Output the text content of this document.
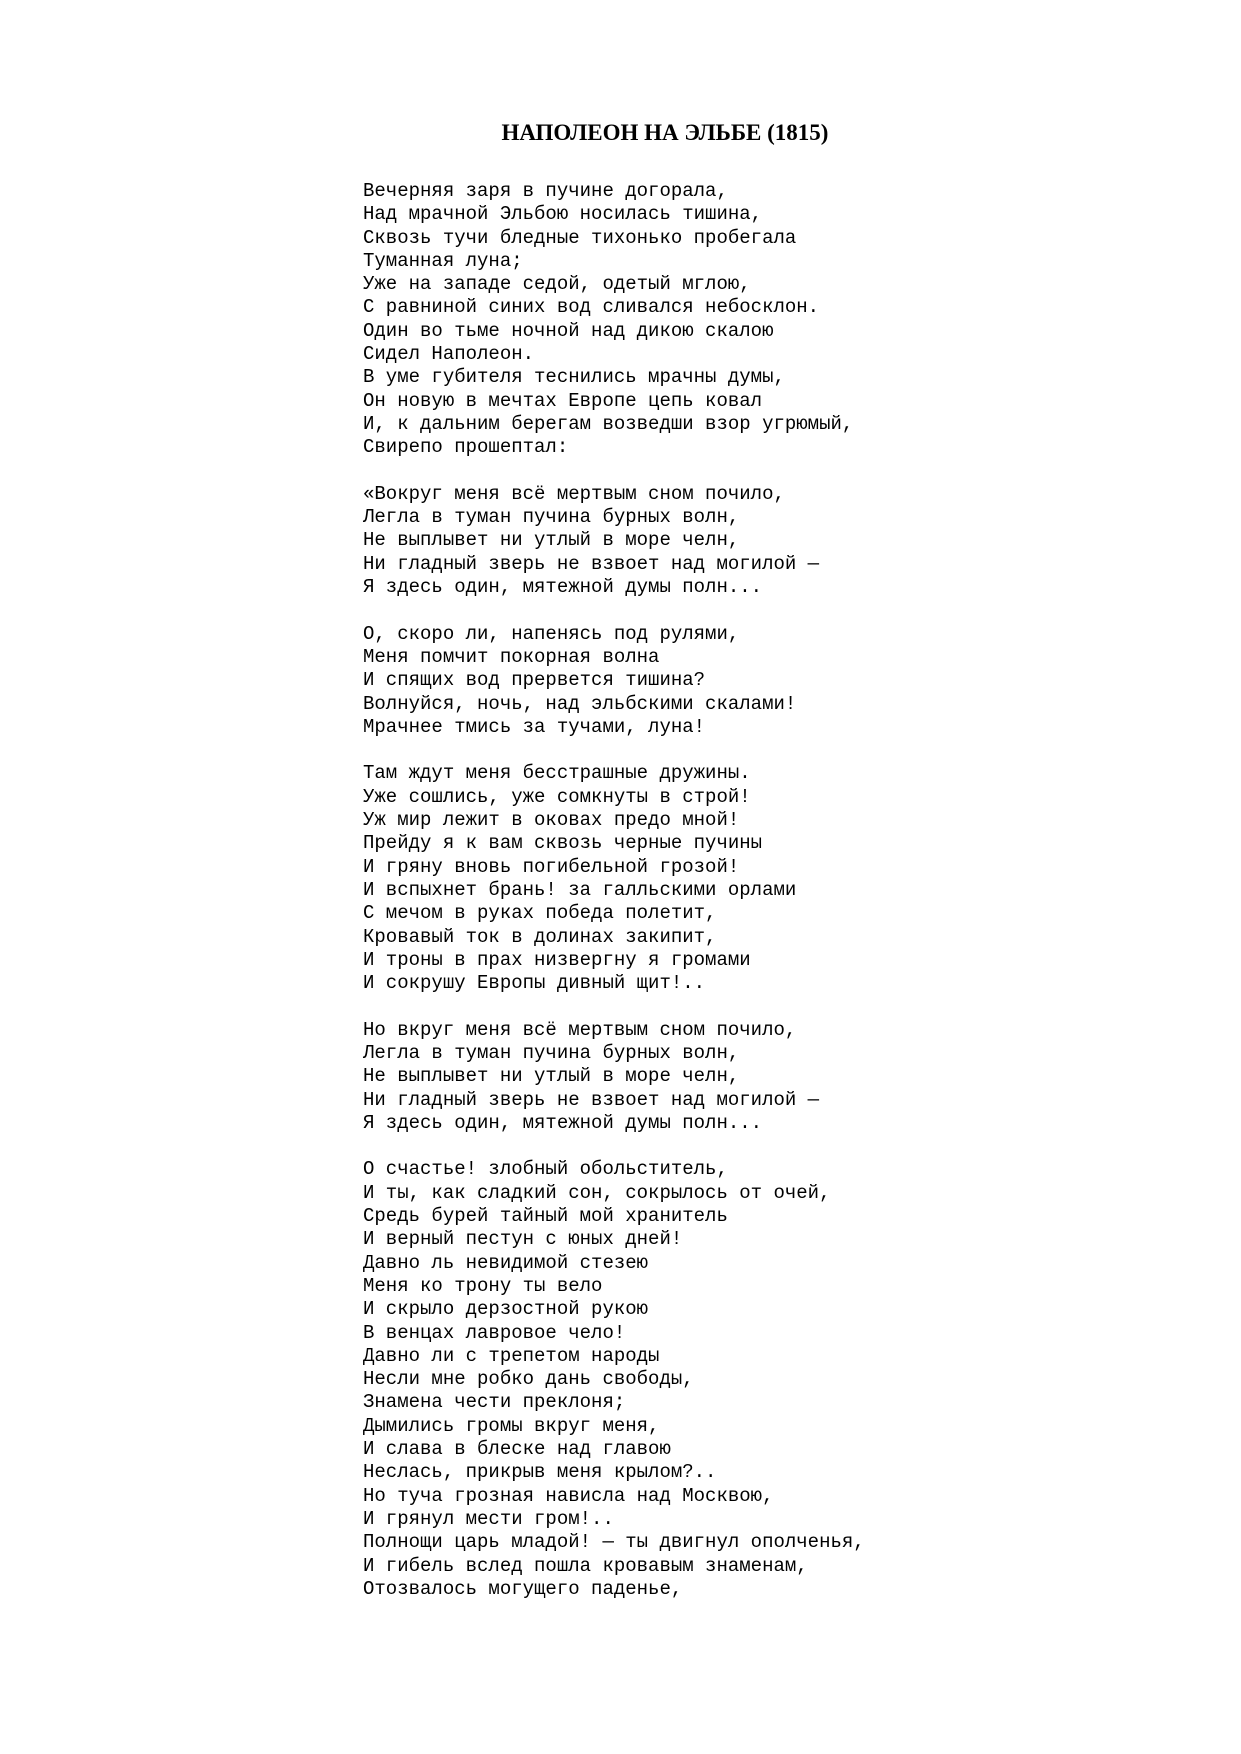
НАПОЛЕОН НА ЭЛЬБЕ (1815)
Вечерняя заря в пучине догорала,
Над мрачной Эльбою носилась тишина,
Сквозь тучи бледные тихонько пробегала
Туманная луна;
Уже на западе седой, одетый мглою,
С равниной синих вод сливался небосклон.
Один во тьме ночной над дикою скалою
Сидел Наполеон.
В уме губителя теснились мрачны думы,
Он новую в мечтах Европе цепь ковал
И, к дальним берегам возведши взор угрюмый,
Свирепо прошептал:
«Вокруг меня всё мертвым сном почило,
Легла в туман пучина бурных волн,
Не выплывет ни утлый в море челн,
Ни гладный зверь не взвоет над могилой —
Я здесь один, мятежной думы полн...
О, скоро ли, напенясь под рулями,
Меня помчит покорная волна
И спящих вод прервется тишина?
Волнуйся, ночь, над эльбскими скалами!
Мрачнее тмись за тучами, луна!
Там ждут меня бесстрашные дружины.
Уже сошлись, уже сомкнуты в строй!
Уж мир лежит в оковах предо мной!
Прейду я к вам сквозь черные пучины
И гряну вновь погибельной грозой!
И вспыхнет брань! за галльскими орлами
С мечом в руках победа полетит,
Кровавый ток в долинах закипит,
И троны в прах низвергну я громами
И сокрушу Европы дивный щит!..
Но вкруг меня всё мертвым сном почило,
Легла в туман пучина бурных волн,
Не выплывет ни утлый в море челн,
Ни гладный зверь не взвоет над могилой —
Я здесь один, мятежной думы полн...
О счастье! злобный обольститель,
И ты, как сладкий сон, сокрылось от очей,
Средь бурей тайный мой хранитель
И верный пестун с юных дней!
Давно ль невидимой стезею
Меня ко трону ты вело
И скрыло дерзостной рукою
В венцах лавровое чело!
Давно ли с трепетом народы
Несли мне робко дань свободы,
Знамена чести преклоня;
Дымились громы вкруг меня,
И слава в блеске над главою
Неслась, прикрыв меня крылом?..
Но туча грозная нависла над Москвою,
И грянул мести гром!..
Полнощи царь младой! — ты двигнул ополченья,
И гибель вслед пошла кровавым знаменам,
Отозвалось могущего паденье,
